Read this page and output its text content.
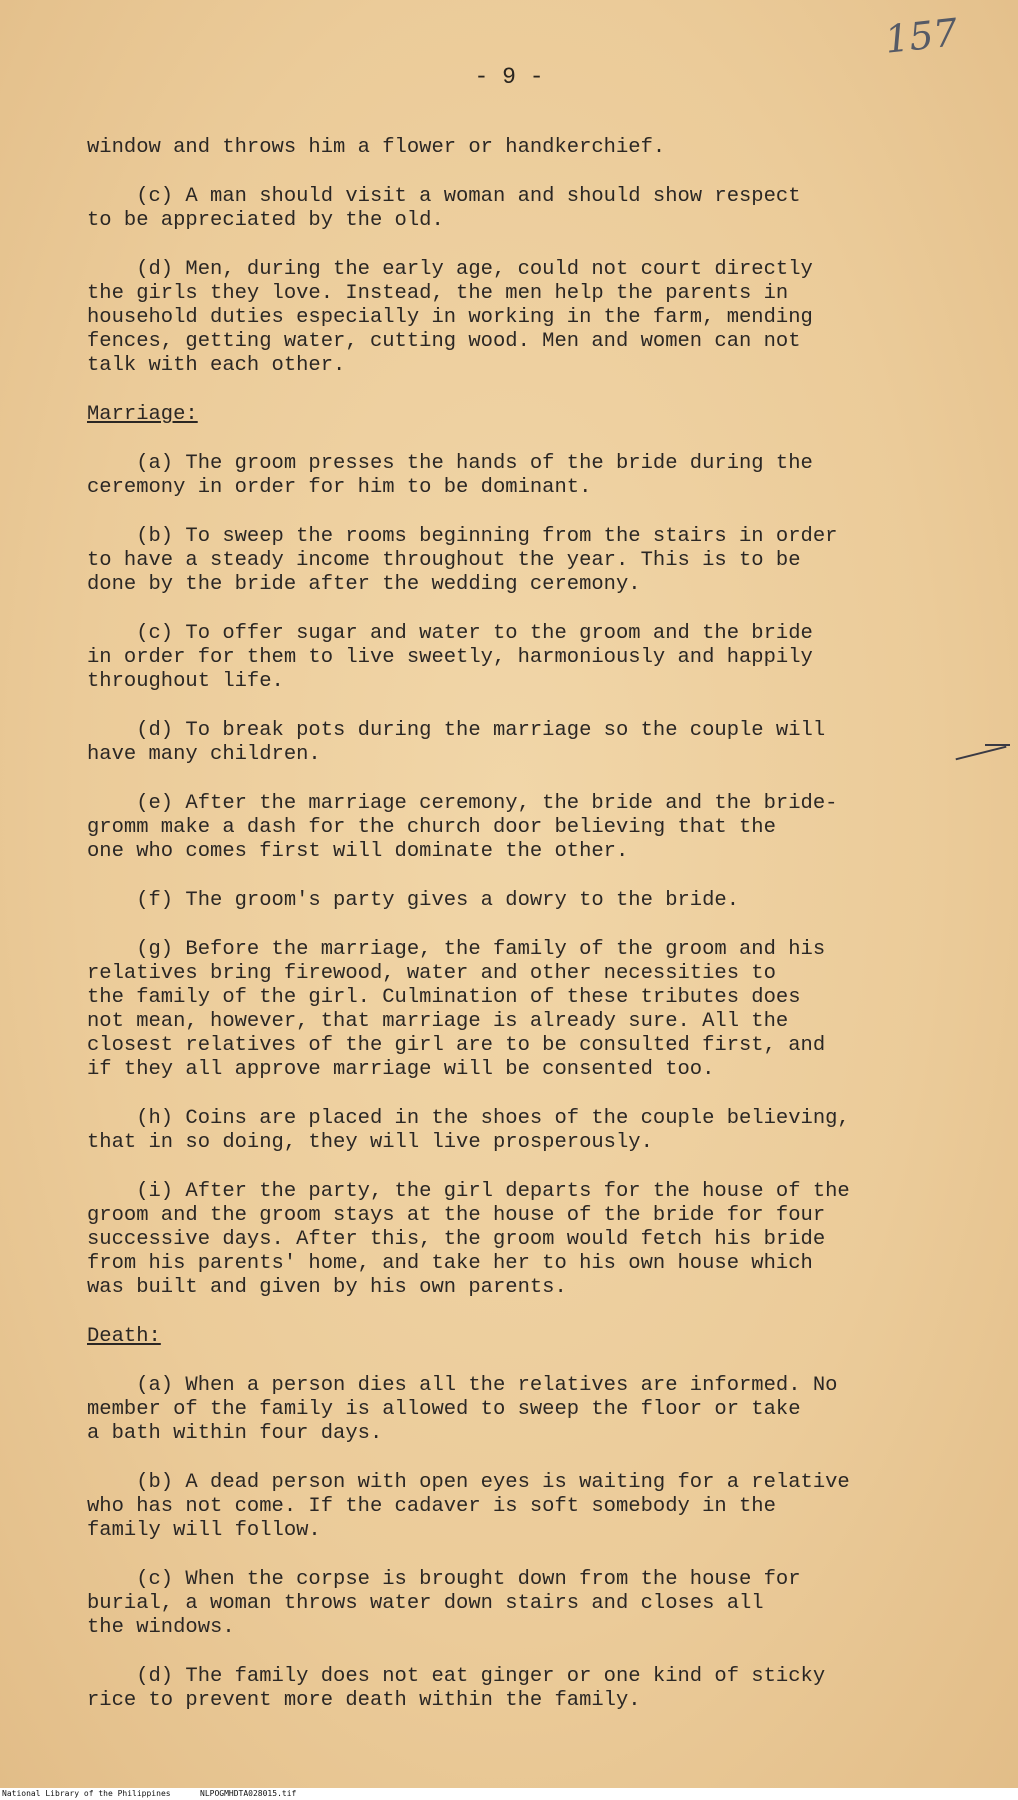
157
- 9 -

window and throws him a flower or handkerchief.

(c) A man should visit a woman and should show respect
to be appreciated by the old.

(d) Men, during the early age, could not court directly
the girls they love. Instead, the men help the parents in
household duties especially in working in the farm, mending
fences, getting water, cutting wood. Men and women can not
talk with each other.

Marriage:

(a) The groom presses the hands of the bride during the
ceremony in order for him to be dominant.

(b) To sweep the rooms beginning from the stairs in order
to have a steady income throughout the year. This is to be
done by the bride after the wedding ceremony.

(c) To offer sugar and water to the groom and the bride
in order for them to live sweetly, harmoniously and happily
throughout life.

(d) To break pots during the marriage so the couple will
have many children.

(e) After the marriage ceremony, the bride and the bride-
gromm make a dash for the church door believing that the
one who comes first will dominate the other.

(f) The groom's party gives a dowry to the bride.

(g) Before the marriage, the family of the groom and his
relatives bring firewood, water and other necessities to
the family of the girl. Culmination of these tributes does
not mean, however, that marriage is already sure. All the
closest relatives of the girl are to be consulted first, and
if they all approve marriage will be consented too.

(h) Coins are placed in the shoes of the couple believing,
that in so doing, they will live prosperously.

(i) After the party, the girl departs for the house of the
groom and the groom stays at the house of the bride for four
successive days. After this, the groom would fetch his bride
from his parents' home, and take her to his own house which
was built and given by his own parents.

Death:

(a) When a person dies all the relatives are informed. No
member of the family is allowed to sweep the floor or take
a bath within four days.

(b) A dead person with open eyes is waiting for a relative
who has not come. If the cadaver is soft somebody in the
family will follow.

(c) When the corpse is brought down from the house for
burial, a woman throws water down stairs and closes all
the windows.

(d) The family does not eat ginger or one kind of sticky
rice to prevent more death within the family.

National Library of the Philippines	NLPOGMHDTA028015.tif
